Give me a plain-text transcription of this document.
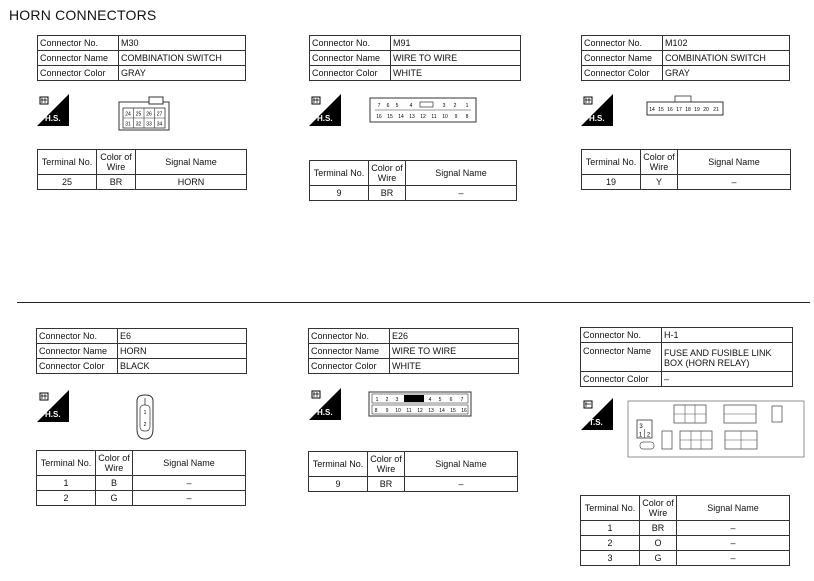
HORN CONNECTORS
Connector No.	M30
Connector Name	COMBINATION SWITCH
Connector Color	GRAY
H.S.	24 25 26 27
31 32 33 34
Terminal No.	Color of Wire	Signal Name
25	BR	HORN
Connector No.	M91
Connector Name	WIRE TO WIRE
Connector Color	WHITE
H.S.
7 6 5 4	3 2 1
16 15 14 13 12 11 10 9 8
Terminal No.	Color of Wire	Signal Name
9	BR	–
Connector No.	M102
Connector Name	COMBINATION SWITCH
Connector Color	GRAY
H.S.
14 15 16 17 18 19 20 21
Terminal No.	Color of Wire	Signal Name
19	Y	–
Connector No.	E6
Connector Name	HORN
Connector Color	BLACK
H.S.	1
2
Terminal No.	Color of Wire	Signal Name
1	B	–
2	G	–
Connector No.	E26
Connector Name	WIRE TO WIRE
Connector Color	WHITE
H.S.
1 2 3	4 5 6 7
8 9 10 11 12 13 14 15 16
Terminal No.	Color of Wire	Signal Name
9	BR	–
Connector No.	H-1
Connector Name	FUSE AND FUSIBLE LINK BOX (HORN RELAY)
Connector Color	–
T.S.	3
1 2
Terminal No.	Color of Wire	Signal Name
1	BR	–
2	O	–
3	G	–
